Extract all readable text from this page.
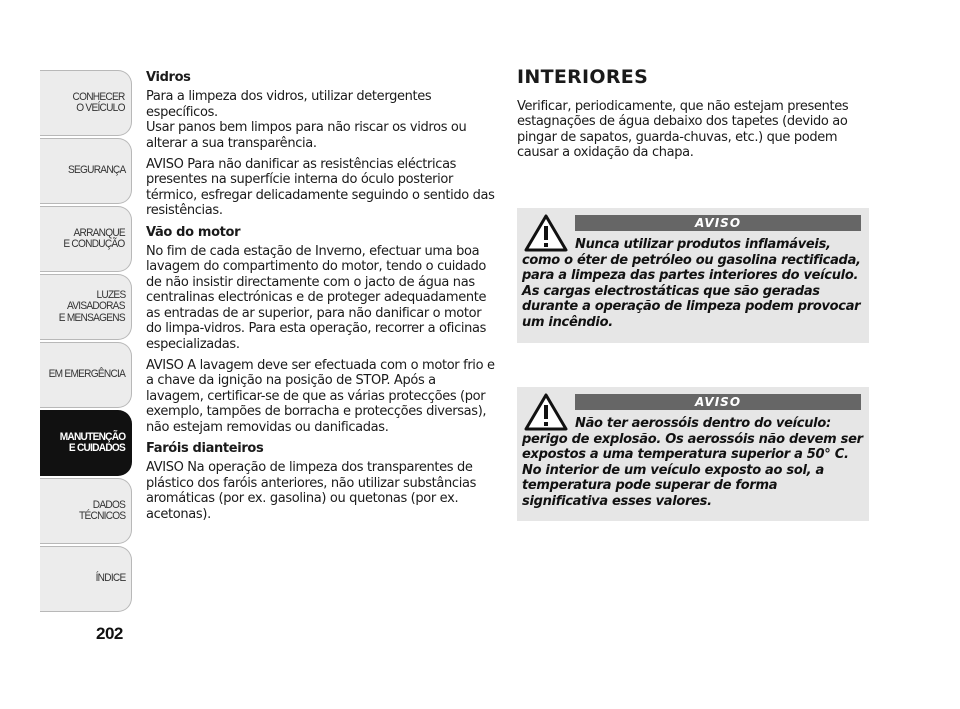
CONHECER
O VEÍCULO
SEGURANÇA
ARRANQUE
E CONDUÇÃO
LUZES
AVISADORAS
E MENSAGENS
EM EMERGÊNCIA
MANUTENÇÃO
E CUIDADOS
DADOS
TÉCNICOS
ÍNDICE
202
Vidros

Para a limpeza dos vidros, utilizar detergentes específicos.

Usar panos bem limpos para não riscar os vidros ou alterar a sua transparência.

AVISO Para não danificar as resistências eléctricas presentes na superfície interna do óculo posterior térmico, esfregar delicadamente seguindo o sentido das resistências.

Vão do motor

No fim de cada estação de Inverno, efectuar uma boa lavagem do compartimento do motor, tendo o cuidado de não insistir directamente com o jacto de água nas centralinas electrónicas e de proteger adequadamente as entradas de ar superior, para não danificar o motor do limpa-vidros. Para esta operação, recorrer a oficinas especializadas.

AVISO A lavagem deve ser efectuada com o motor frio e a chave da ignição na posição de STOP. Após a lavagem, certificar-se de que as várias protecções (por exemplo, tampões de borracha e protecções diversas), não estejam removidas ou danificadas.

Faróis dianteiros

AVISO Na operação de limpeza dos transparentes de plástico dos faróis anteriores, não utilizar substâncias aromáticas (por ex. gasolina) ou quetonas (por ex. acetonas).

INTERIORES

Verificar, periodicamente, que não estejam presentes estagnações de água debaixo dos tapetes (devido ao pingar de sapatos, guarda-chuvas, etc.) que podem causar a oxidação da chapa.

AVISO

Nunca utilizar produtos inflamáveis, como o éter de petróleo ou gasolina rectificada, para a limpeza das partes interiores do veículo. As cargas electrostáticas que são geradas durante a operação de limpeza podem provocar um incêndio.

AVISO

Não ter aerossóis dentro do veículo: perigo de explosão. Os aerossóis não devem ser expostos a uma temperatura superior a 50° C. No interior de um veículo exposto ao sol, a temperatura pode superar de forma significativa esses valores.
